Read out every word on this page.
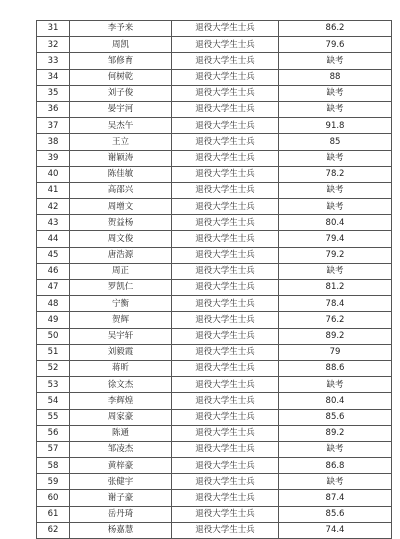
31	李予来	退役大学生士兵	86.2
32	周凯	退役大学生士兵	79.6
33	邹修育	退役大学生士兵	缺考
34	何树乾	退役大学生士兵	88
35	刘子俊	退役大学生士兵	缺考
36	晏宇河	退役大学生士兵	缺考
37	吴杰午	退役大学生士兵	91.8
38	王立	退役大学生士兵	85
39	谢颖涛	退役大学生士兵	缺考
40	陈佳敏	退役大学生士兵	78.2
41	高邵兴	退役大学生士兵	缺考
42	周增文	退役大学生士兵	缺考
43	贺益杨	退役大学生士兵	80.4
44	周文俊	退役大学生士兵	79.4
45	唐浩源	退役大学生士兵	79.2
46	周正	退役大学生士兵	缺考
47	罗凯仁	退役大学生士兵	81.2
48	宁衡	退役大学生士兵	78.4
49	贺辉	退役大学生士兵	76.2
50	吴宇轩	退役大学生士兵	89.2
51	刘毅霞	退役大学生士兵	79
52	蒋昕	退役大学生士兵	88.6
53	徐文杰	退役大学生士兵	缺考
54	李辉煌	退役大学生士兵	80.4
55	周家豪	退役大学生士兵	85.6
56	陈通	退役大学生士兵	89.2
57	邹凌杰	退役大学生士兵	缺考
58	黄梓豪	退役大学生士兵	86.8
59	张健宇	退役大学生士兵	缺考
60	谢子豪	退役大学生士兵	87.4
61	岳丹琦	退役大学生士兵	85.6
62	杨嘉慧	退役大学生士兵	74.4
